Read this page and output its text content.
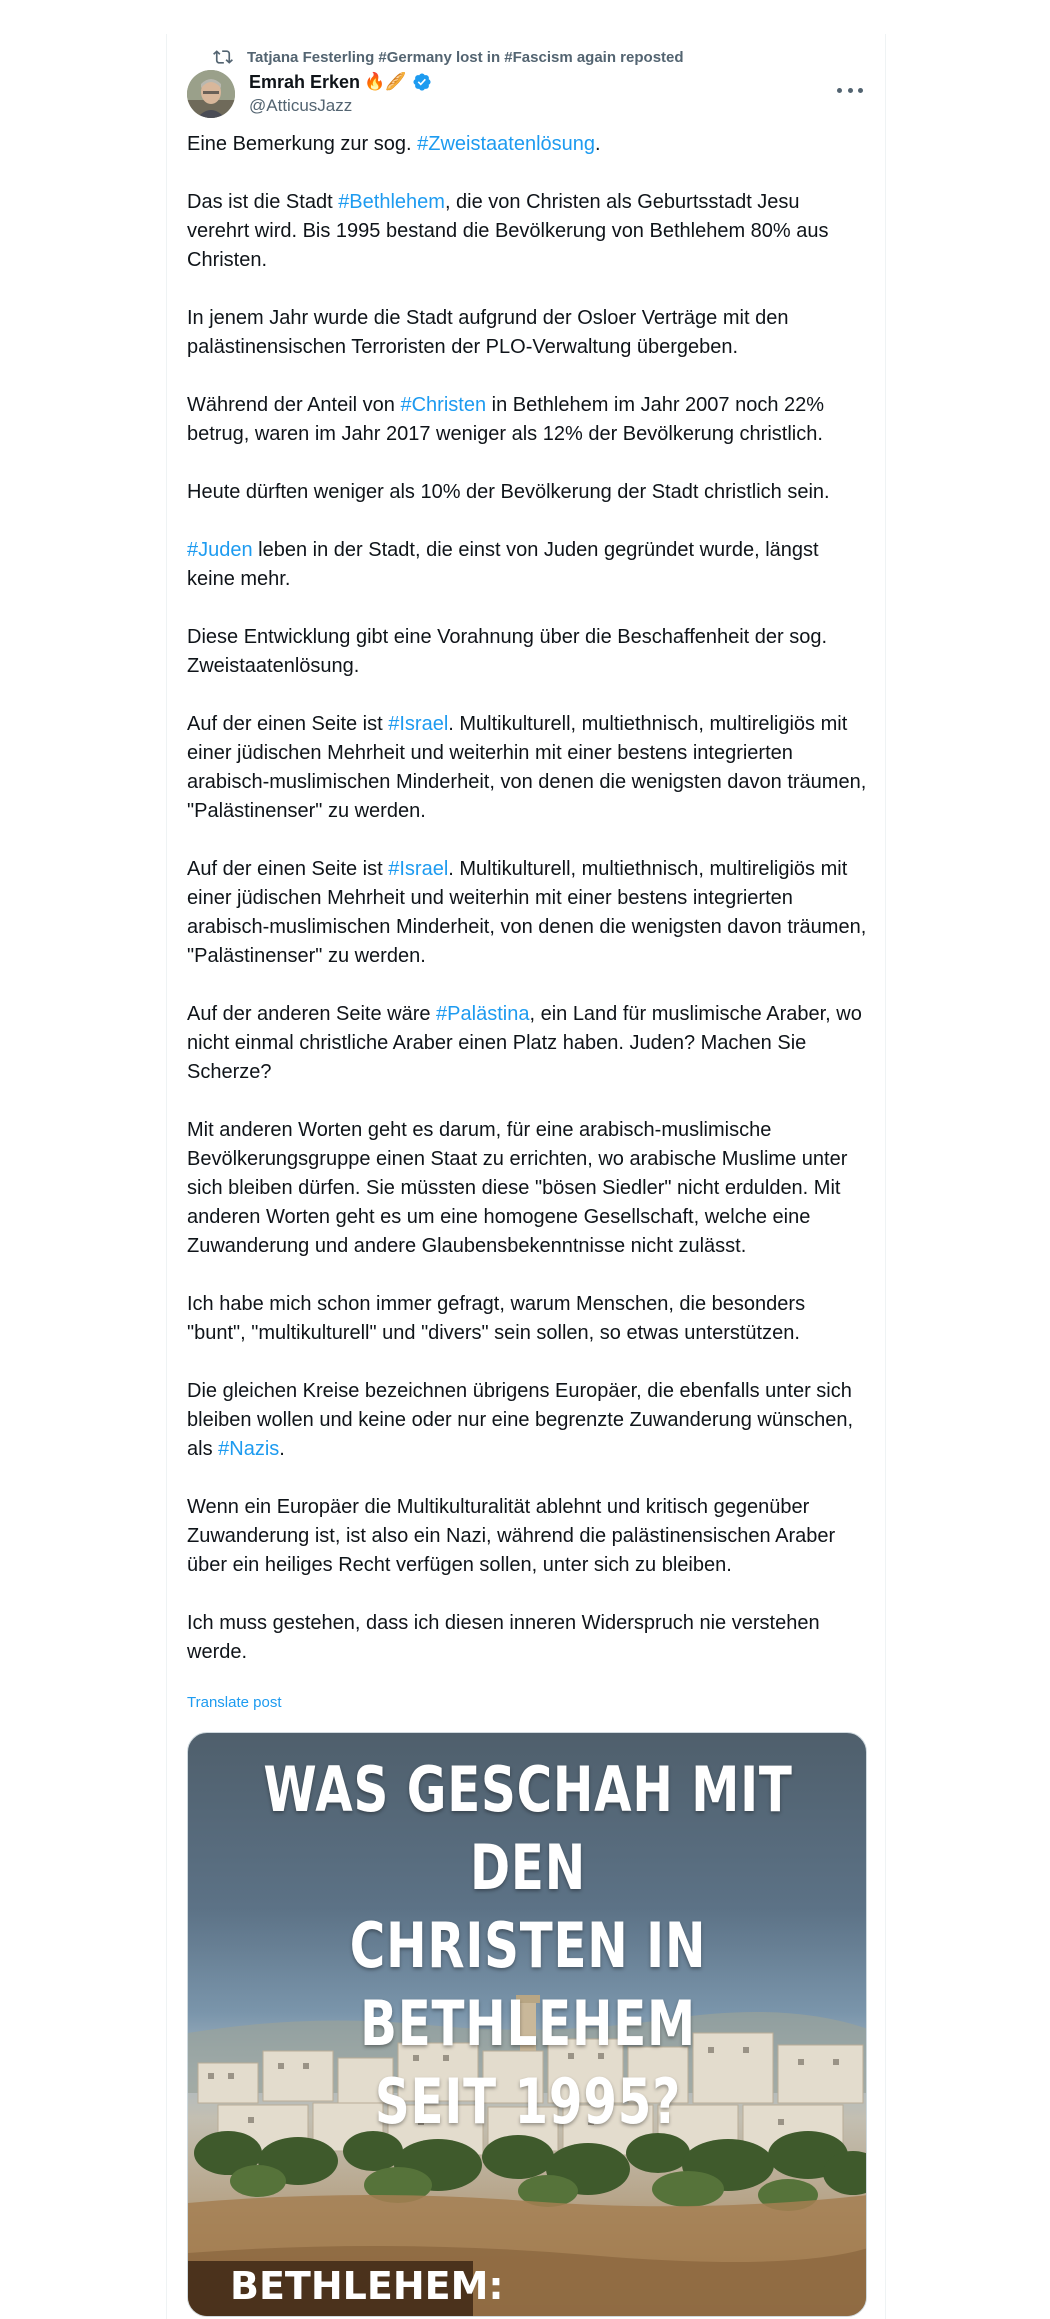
Tatjana Festerling #Germany lost in #Fascism again reposted
Emrah Erken 🔥🥖
@AtticusJazz

Eine Bemerkung zur sog. #Zweistaatenlösung.

Das ist die Stadt #Bethlehem, die von Christen als Geburtsstadt Jesu verehrt wird. Bis 1995 bestand die Bevölkerung von Bethlehem 80% aus Christen.

In jenem Jahr wurde die Stadt aufgrund der Osloer Verträge mit den palästinensischen Terroristen der PLO-Verwaltung übergeben.

Während der Anteil von #Christen in Bethlehem im Jahr 2007 noch 22% betrug, waren im Jahr 2017 weniger als 12% der Bevölkerung christlich.

Heute dürften weniger als 10% der Bevölkerung der Stadt christlich sein.

#Juden leben in der Stadt, die einst von Juden gegründet wurde, längst keine mehr.

Diese Entwicklung gibt eine Vorahnung über die Beschaffenheit der sog. Zweistaatenlösung.

Auf der einen Seite ist #Israel. Multikulturell, multiethnisch, multireligiös mit einer jüdischen Mehrheit und weiterhin mit einer bestens integrierten arabisch-muslimischen Minderheit, von denen die wenigsten davon träumen, "Palästinenser" zu werden.

Auf der einen Seite ist #Israel. Multikulturell, multiethnisch, multireligiös mit einer jüdischen Mehrheit und weiterhin mit einer bestens integrierten arabisch-muslimischen Minderheit, von denen die wenigsten davon träumen, "Palästinenser" zu werden.

Auf der anderen Seite wäre #Palästina, ein Land für muslimische Araber, wo nicht einmal christliche Araber einen Platz haben. Juden? Machen Sie Scherze?

Mit anderen Worten geht es darum, für eine arabisch-muslimische Bevölkerungsgruppe einen Staat zu errichten, wo arabische Muslime unter sich bleiben dürfen. Sie müssten diese "bösen Siedler" nicht erdulden. Mit anderen Worten geht es um eine homogene Gesellschaft, welche eine Zuwanderung und andere Glaubensbekenntnisse nicht zulässt.

Ich habe mich schon immer gefragt, warum Menschen, die besonders "bunt", "multikulturell" und "divers" sein sollen, so etwas unterstützen.

Die gleichen Kreise bezeichnen übrigens Europäer, die ebenfalls unter sich bleiben wollen und keine oder nur eine begrenzte Zuwanderung wünschen, als #Nazis.

Wenn ein Europäer die Multikulturalität ablehnt und kritisch gegenüber Zuwanderung ist, ist also ein Nazi, während die palästinensischen Araber über ein heiliges Recht verfügen sollen, unter sich zu bleiben.

Ich muss gestehen, dass ich diesen inneren Widerspruch nie verstehen werde.

Translate post
WAS GESCHAH MIT DEN
CHRISTEN IN BETHLEHEM
SEIT 1995?
BETHLEHEM:
